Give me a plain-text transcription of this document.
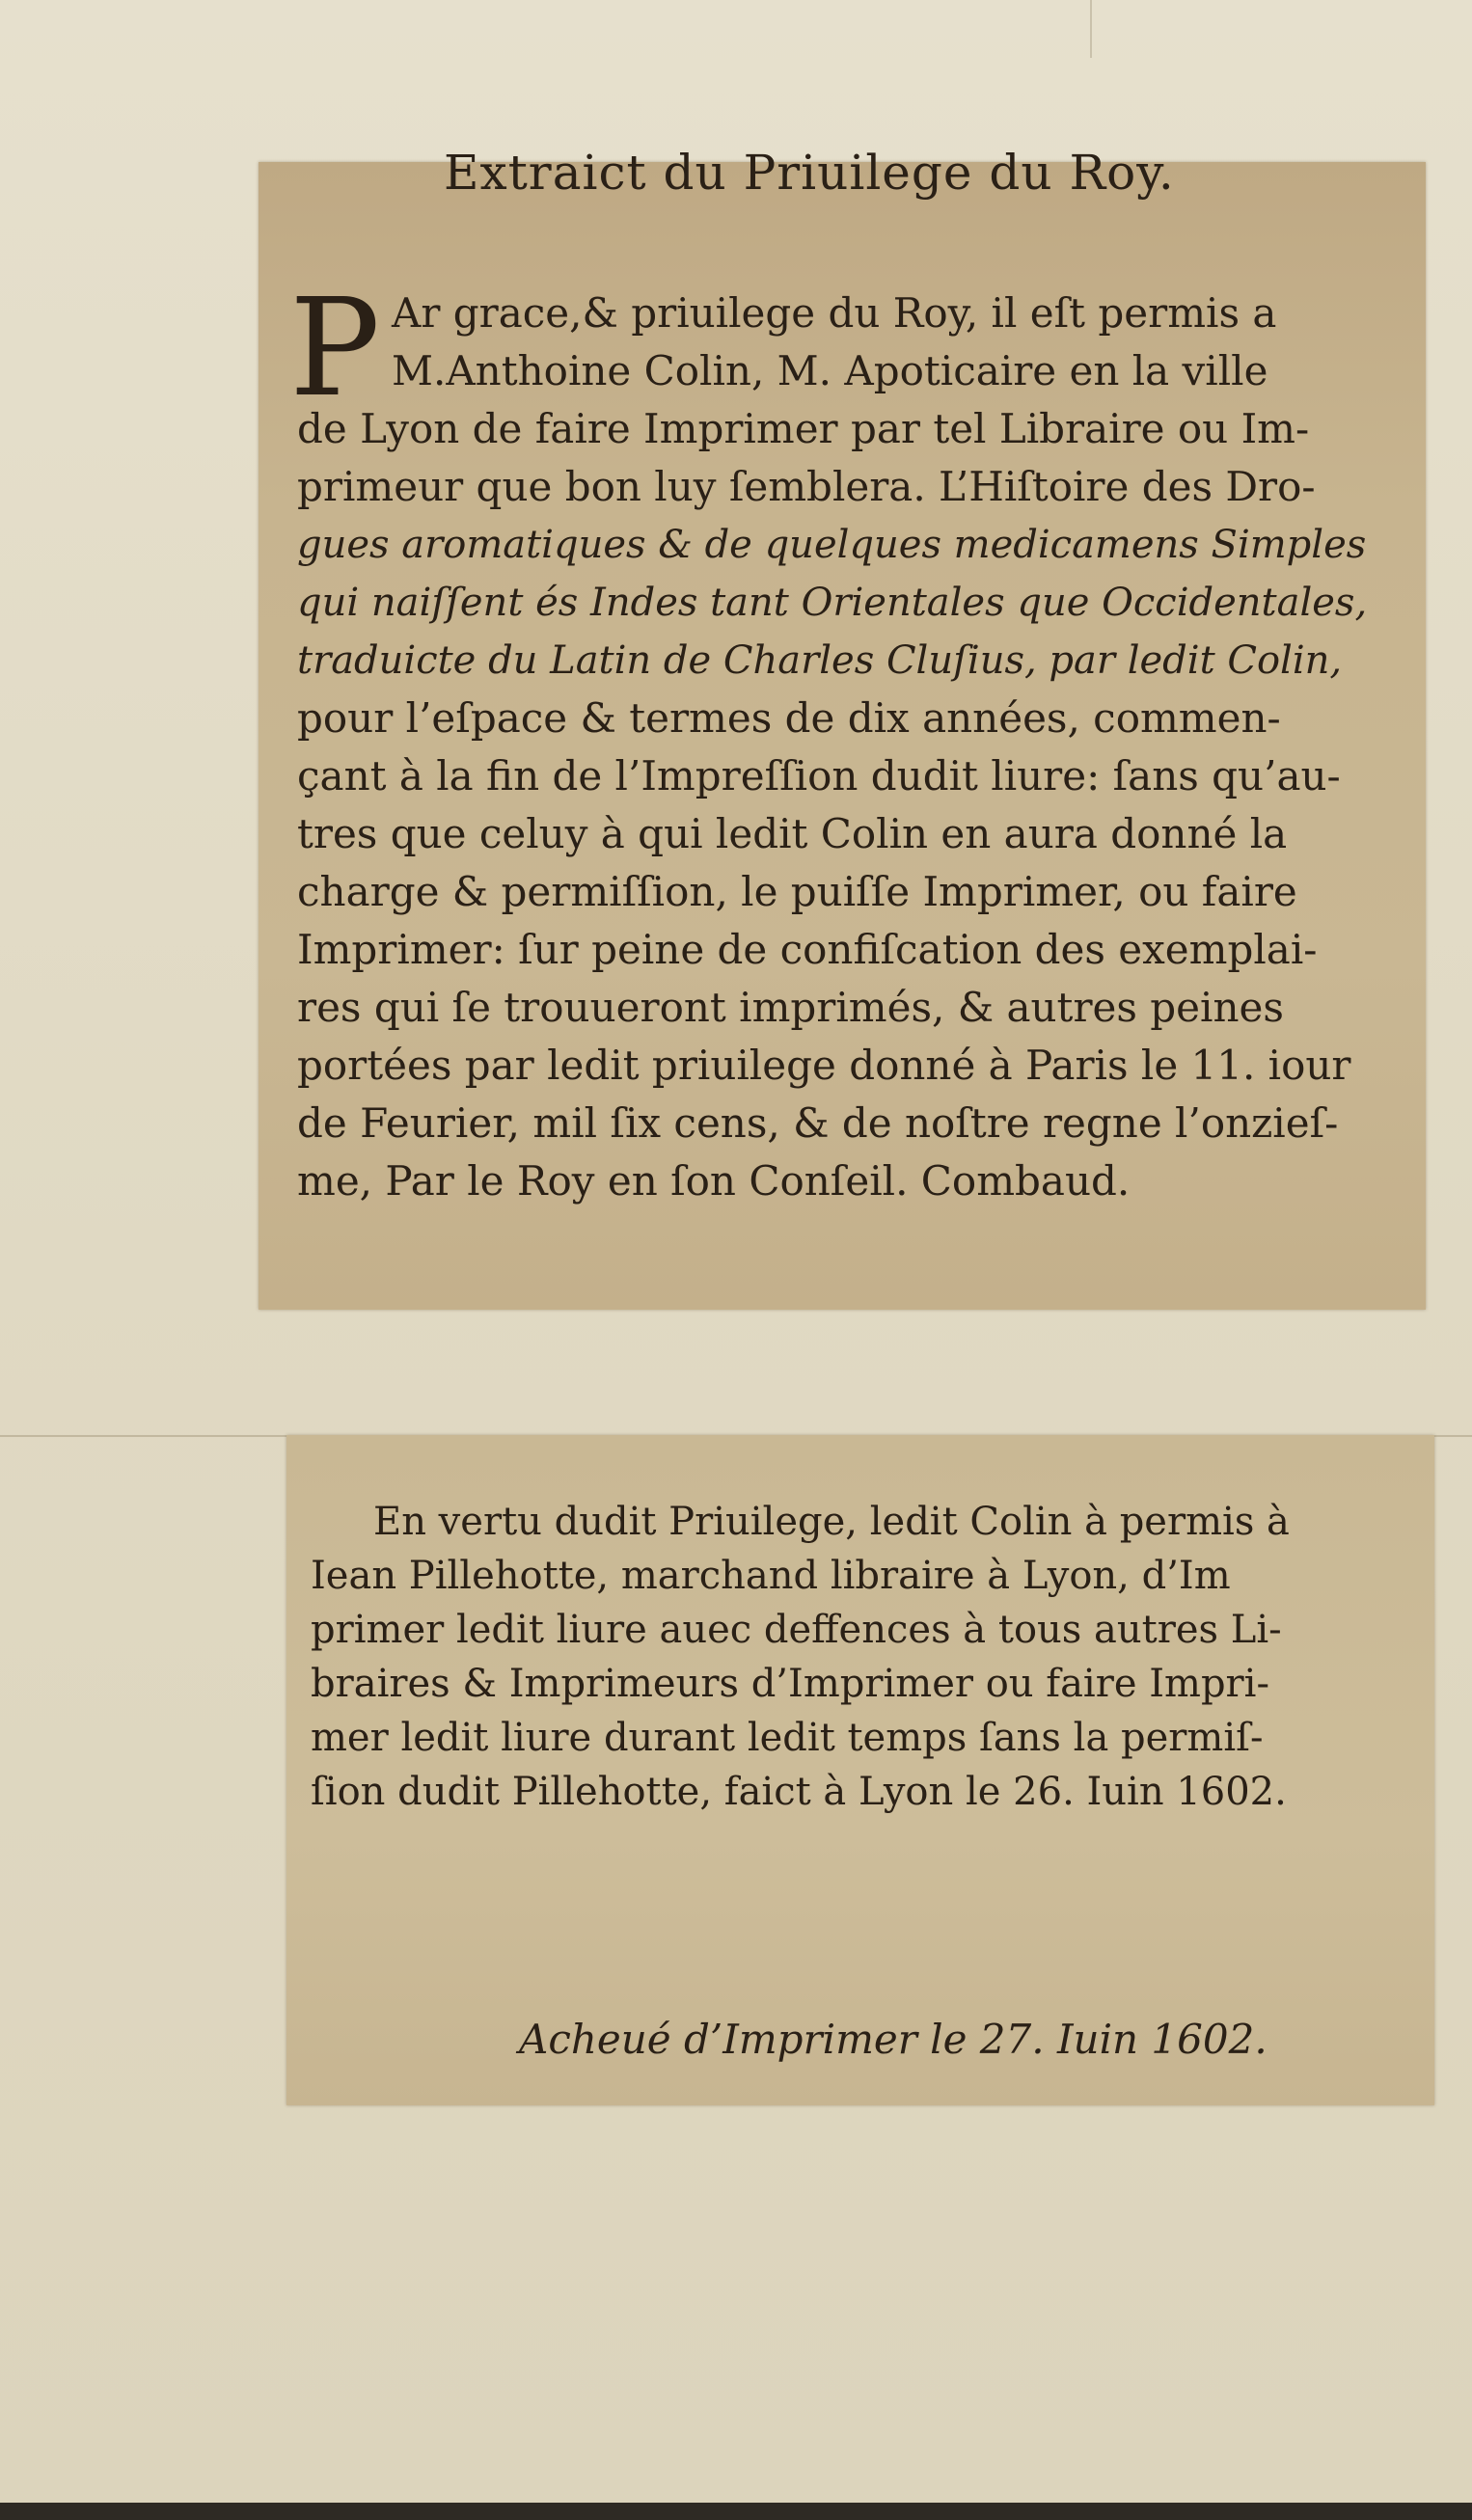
Extraict du Priuilege du Roy.
P Ar grace,& priuilege du Roy, il eſt permis a
M.Anthoine Colin, M. Apoticaire en la ville
de Lyon de faire Imprimer par tel Libraire ou Im-
primeur que bon luy ſemblera. L’Hiſtoire des Dro-
gues aromatiques & de quelques medicamens Simples
qui naiſſent és Indes tant Orientales que Occidentales,
traduicte du Latin de Charles Cluſius, par ledit Colin,
pour l’eſpace & termes de dix années, commen-
çant à la fin de l’Impreſſion dudit liure: ſans qu’au-
tres que celuy à qui ledit Colin en aura donné la
charge & permiſſion, le puiſſe Imprimer, ou faire
Imprimer: ſur peine de confiſcation des exemplai-
res qui ſe trouueront imprimés, & autres peines
portées par ledit priuilege donné à Paris le 11. iour
de Feurier, mil ſix cens, & de noſtre regne l’onzieſ-
me, Par le Roy en ſon Conſeil. Combaud.
En vertu dudit Priuilege, ledit Colin à permis à
Iean Pillehotte, marchand libraire à Lyon, d’Im
primer ledit liure auec deffences à tous autres Li-
braires & Imprimeurs d’Imprimer ou faire Impri-
mer ledit liure durant ledit temps ſans la permiſ-
ſion dudit Pillehotte, faict à Lyon le 26. Iuin 1602.
Acheué d’Imprimer le 27. Iuin 1602.
